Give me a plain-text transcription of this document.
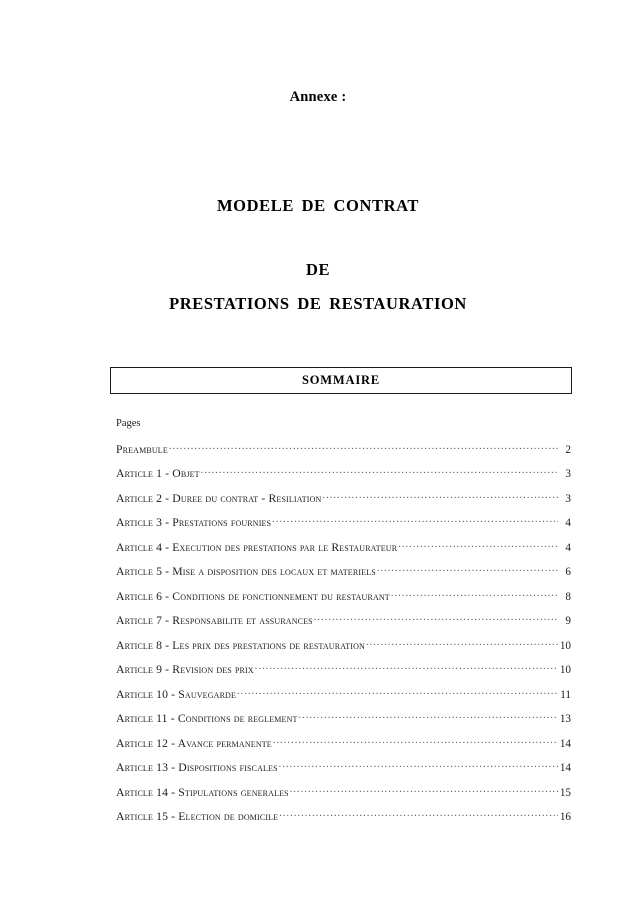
Annexe :
MODELE DE CONTRAT
DE
PRESTATIONS DE RESTAURATION
SOMMAIRE
Pages
Preambule .....	2
Article 1 - Objet .....	3
Article 2 - Duree du contrat - Resiliation .....	3
Article 3 - Prestations fournies .....	4
Article 4 - Execution des prestations par le Restaurateur .....	4
Article 5 - Mise a disposition des locaux et materiels .....	6
Article 6 - Conditions de fonctionnement du restaurant .....	8
Article 7 - Responsabilite et assurances .....	9
Article 8 - Les prix des prestations de restauration .....	10
Article 9 - Revision des prix .....	10
Article 10 - Sauvegarde .....	11
Article 11 - Conditions de reglement .....	13
Article 12 - Avance permanente .....	14
Article 13 - Dispositions fiscales .....	14
Article 14 - Stipulations generales .....	15
Article 15 - Election de domicile .....	16
